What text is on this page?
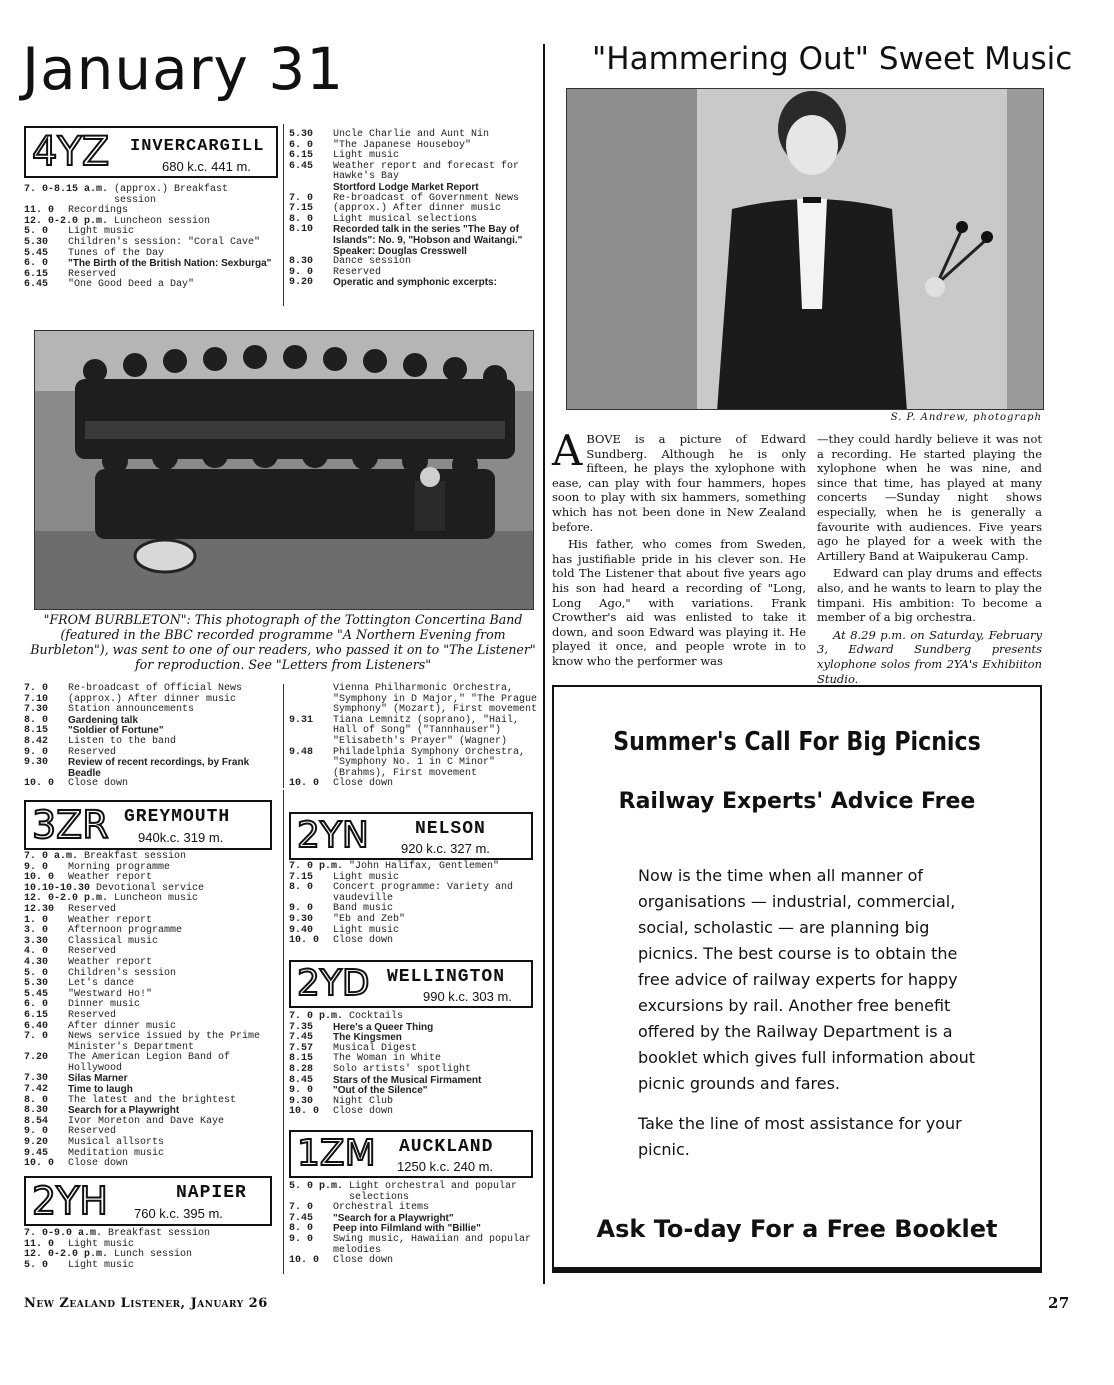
January 31	"Hammering Out" Sweet Music
4YZ INVERCARGILL
680 k.c. 441 m.
7. 0-8.15 a.m. (approx.) Breakfast session
11. 0	Recordings
12. 0-2.0 p.m. Luncheon session
5. 0	Light music
5.30	Children's session: "Coral Cave"
5.45	Tunes of the Day
6. 0	"The Birth of the British Nation: Sexburga"
6.15	Reserved
6.45	"One Good Deed a Day"
5.30	Uncle Charlie and Aunt Nin
6. 0	"The Japanese Houseboy"
6.15	Light music
6.45	Weather report and forecast for Hawke's Bay
Stortford Lodge Market Report
7. 0	Re-broadcast of Government News
7.15	(approx.) After dinner music
8. 0	Light musical selections
8.10	Recorded talk in the series "The Bay of Islands": No. 9, "Hobson and Waitangi." Speaker: Douglas Cresswell
8.30	Dance session
9. 0	Reserved
9.20	Operatic and symphonic excerpts:
"FROM BURBLETON": This photograph of the Tottington Concertina Band (featured in the BBC recorded programme "A Northern Evening from Burbleton"), was sent to one of our readers, who passed it on to "The Listener" for reproduction. See "Letters from Listeners"
S. P. Andrew, photograph

ABOVE is a picture of Edward Sundberg. Although he is only fifteen, he plays the xylophone with ease, can play with four hammers, hopes soon to play with six hammers, something which has not been done in New Zealand before.

His father, who comes from Sweden, has justifiable pride in his clever son. He told The Listener that about five years ago his son had heard a recording of "Long, Long Ago," with variations. Frank Crowther's aid was enlisted to take it down, and soon Edward was playing it. He played it once, and people wrote in to know who the performer was

—they could hardly believe it was not a recording. He started playing the xylophone when he was nine, and since that time, has played at many concerts —Sunday night shows especially, when he is generally a favourite with audiences. Five years ago he played for a week with the Artillery Band at Waipukerau Camp.

Edward can play drums and effects also, and he wants to learn to play the timpani. His ambition: To become a member of a big orchestra.

At 8.29 p.m. on Saturday, February 3, Edward Sundberg presents xylophone solos from 2YA's Exhibiiton Studio.

7. 0	Re-broadcast of Official News
7.10	(approx.) After dinner music
7.30	Station announcements
8. 0	Gardening talk
8.15	"Soldier of Fortune"
8.42	Listen to the band
9. 0	Reserved
9.30	Review of recent recordings, by Frank Beadle
10. 0	Close down
Vienna Philharmonic Orchestra, "Symphony in D Major," "The Prague Symphony" (Mozart), First movement
9.31	Tiana Lemnitz (soprano), "Hail, Hall of Song" ("Tannhauser") "Elisabeth's Prayer" (Wagner)
9.48	Philadelphia Symphony Orchestra, "Symphony No. 1 in C Minor" (Brahms), First movement
10. 0	Close down
3ZR GREYMOUTH
940k.c. 319 m.
7. 0 a.m. Breakfast session
9. 0	Morning programme
10. 0	Weather report
10.10-10.30 Devotional service
12. 0-2.0 p.m. Luncheon music
12.30	Reserved
1. 0	Weather report
3. 0	Afternoon programme
3.30	Classical music
4. 0	Reserved
4.30	Weather report
5. 0	Children's session
5.30	Let's dance
5.45	"Westward Ho!"
6. 0	Dinner music
6.15	Reserved
6.40	After dinner music
7. 0	News service issued by the Prime Minister's Department
7.20	The American Legion Band of Hollywood
7.30	Silas Marner
7.42	Time to laugh
8. 0	The latest and the brightest
8.30	Search for a Playwright
8.54	Ivor Moreton and Dave Kaye
9. 0	Reserved
9.20	Musical allsorts
9.45	Meditation music
10. 0	Close down
2YH	NAPIER
760 k.c. 395 m.
7. 0-9.0 a.m. Breakfast session
11. 0	Light music
12. 0-2.0 p.m. Lunch session
5. 0	Light music
2YN	NELSON
920 k.c. 327 m.
7. 0 p.m. "John Halifax, Gentlemen"
7.15	Light music
8. 0	Concert programme: Variety and vaudeville
9. 0	Band music
9.30	"Eb and Zeb"
9.40	Light music
10. 0	Close down
2YD WELLINGTON
990 k.c. 303 m.
7. 0 p.m. Cocktails
7.35	Here's a Queer Thing
7.45	The Kingsmen
7.57	Musical Digest
8.15	The Woman in White
8.28	Solo artists' spotlight
8.45	Stars of the Musical Firmament
9. 0	"Out of the Silence"
9.30	Night Club
10. 0	Close down
1ZM AUCKLAND
1250 k.c. 240 m.
5. 0 p.m. Light orchestral and popular selections
7. 0	Orchestral items
7.45	"Search for a Playwright"
8. 0	Peep into Filmland with "Billie"
9. 0	Swing music, Hawaiian and popular melodies
10. 0	Close down
Summer's Call For Big Picnics
Railway Experts' Advice Free
Now is the time when all manner of organisations — industrial, commercial, social, scholastic — are planning big picnics. The best course is to obtain the free advice of railway experts for happy excursions by rail. Another free benefit offered by the Railway Department is a booklet which gives full information about picnic grounds and fares.
Take the line of most assistance for your picnic.
Ask To-day For a Free Booklet
New Zealand Listener, January 26	27
